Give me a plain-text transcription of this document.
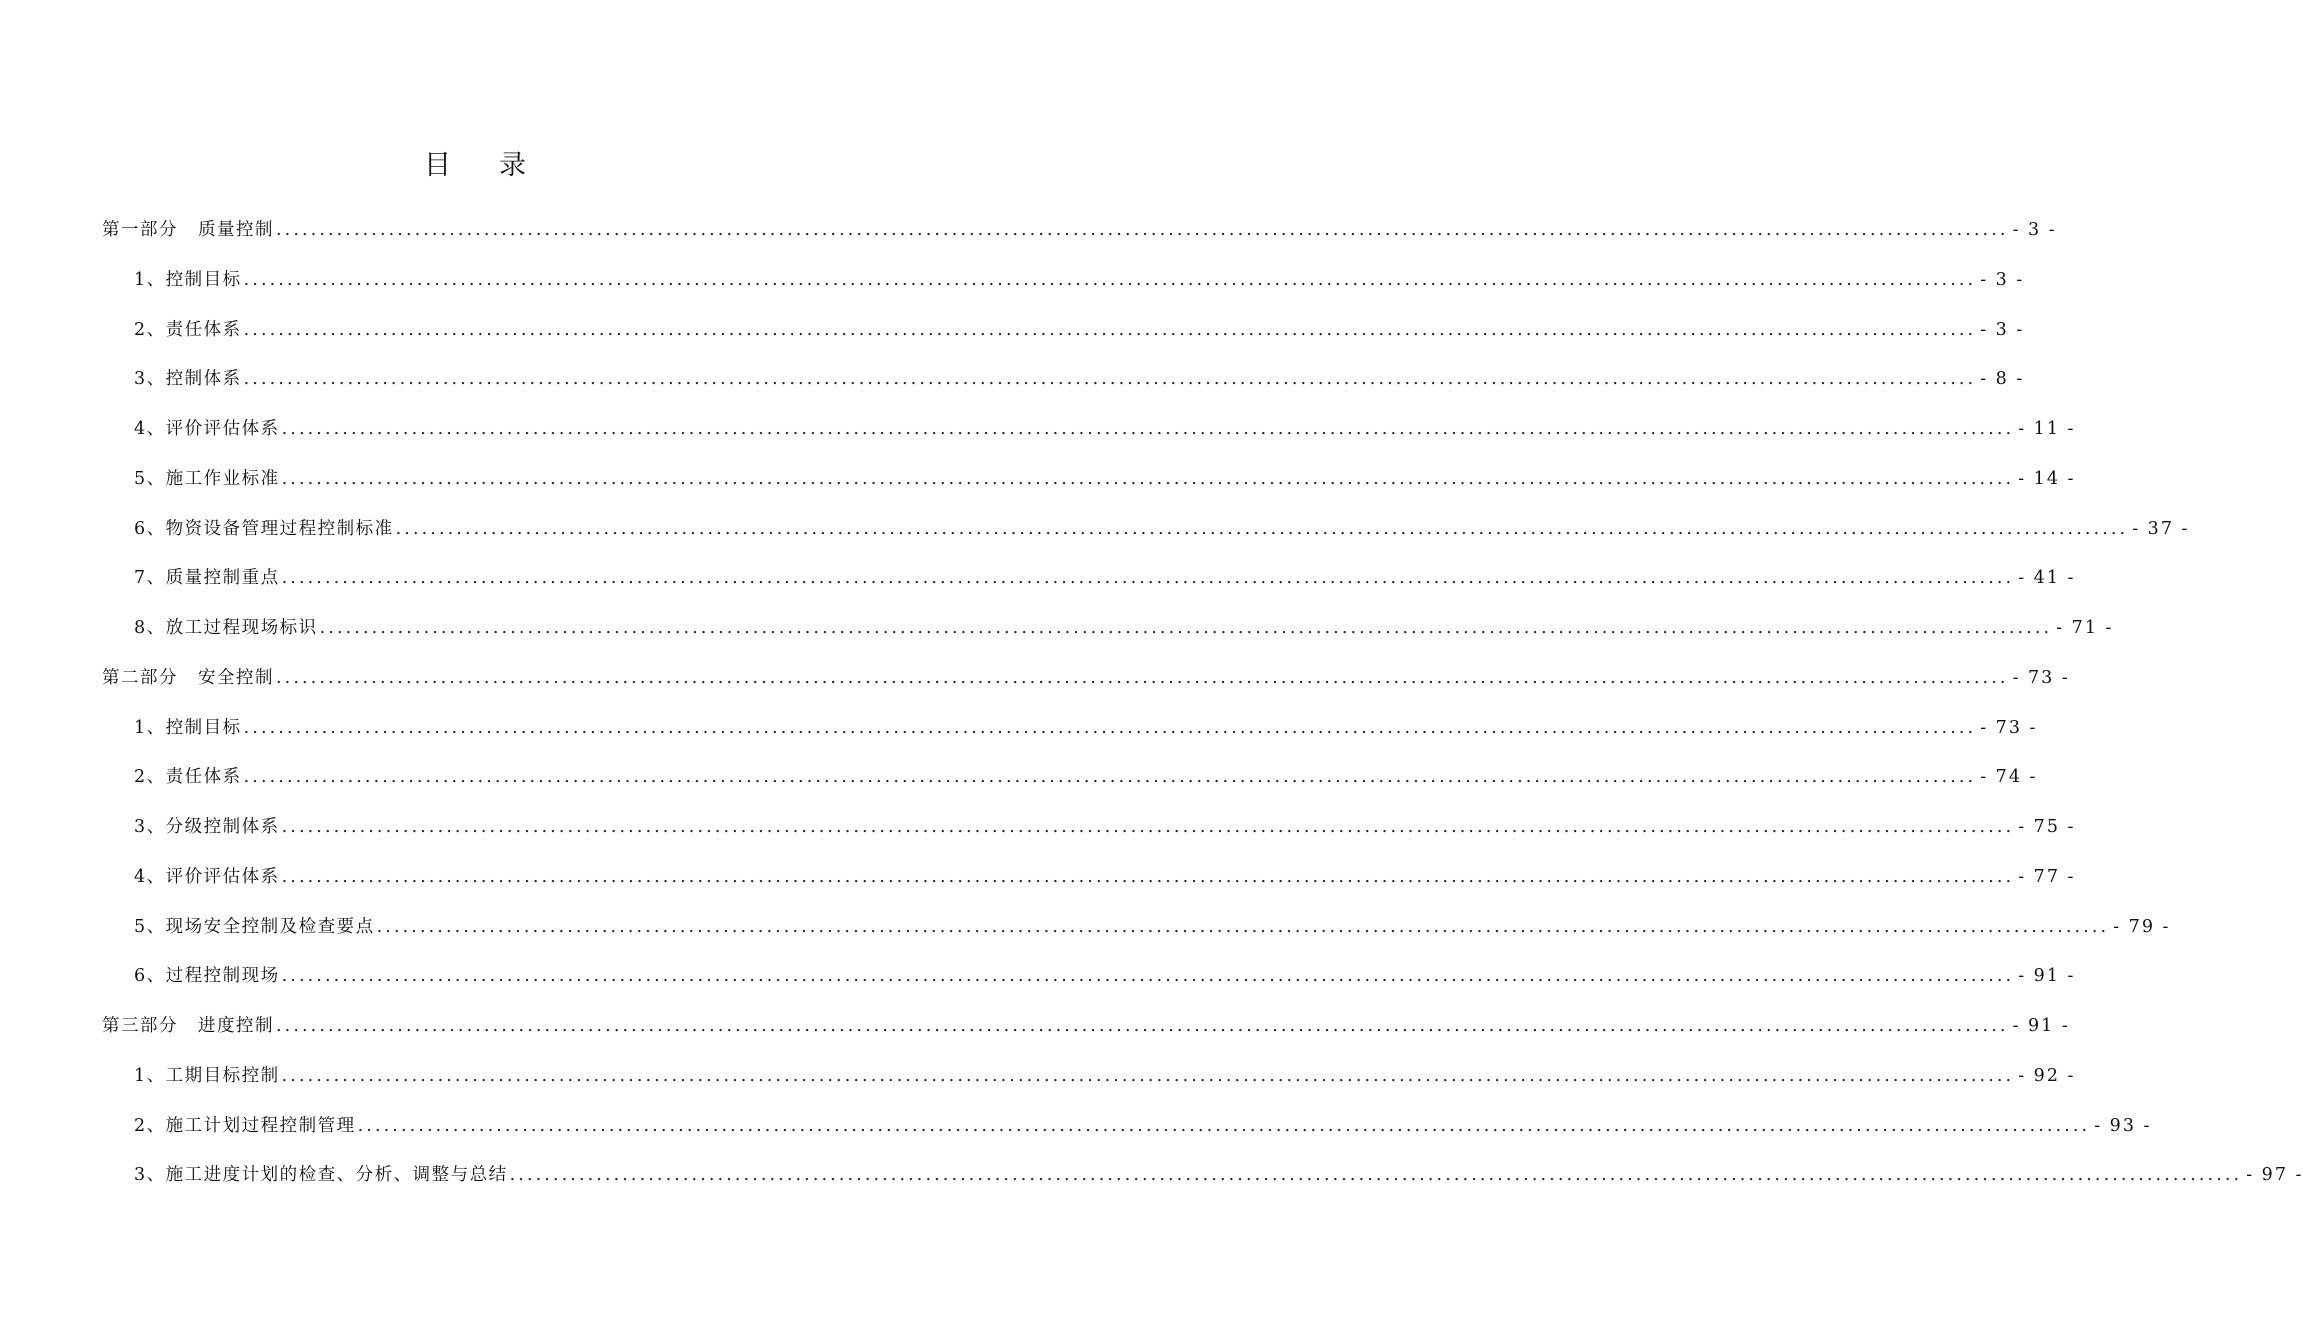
目 录
第一部分 质量控制 ........................................................................................................................................................................................................ - 3 -
1、控制目标 ........................................................................................................................................................................................................ - 3 -
2、责任体系 ........................................................................................................................................................................................................ - 3 -
3、控制体系 ........................................................................................................................................................................................................ - 8 -
4、评价评估体系 ........................................................................................................................................................................................................ - 11 -
5、施工作业标准 ........................................................................................................................................................................................................ - 14 -
6、物资设备管理过程控制标准 ........................................................................................................................................................................................................ - 37 -
7、质量控制重点 ........................................................................................................................................................................................................ - 41 -
8、放工过程现场标识 ........................................................................................................................................................................................................ - 71 -
第二部分 安全控制 ........................................................................................................................................................................................................ - 73 -
1、控制目标 ........................................................................................................................................................................................................ - 73 -
2、责任体系 ........................................................................................................................................................................................................ - 74 -
3、分级控制体系 ........................................................................................................................................................................................................ - 75 -
4、评价评估体系 ........................................................................................................................................................................................................ - 77 -
5、现场安全控制及检查要点 ........................................................................................................................................................................................................ - 79 -
6、过程控制现场 ........................................................................................................................................................................................................ - 91 -
第三部分 进度控制 ........................................................................................................................................................................................................ - 91 -
1、工期目标控制 ........................................................................................................................................................................................................ - 92 -
2、施工计划过程控制管理 ........................................................................................................................................................................................................ - 93 -
3、施工进度计划的检查、分析、调整与总结 ........................................................................................................................................................................................................ - 97 -
